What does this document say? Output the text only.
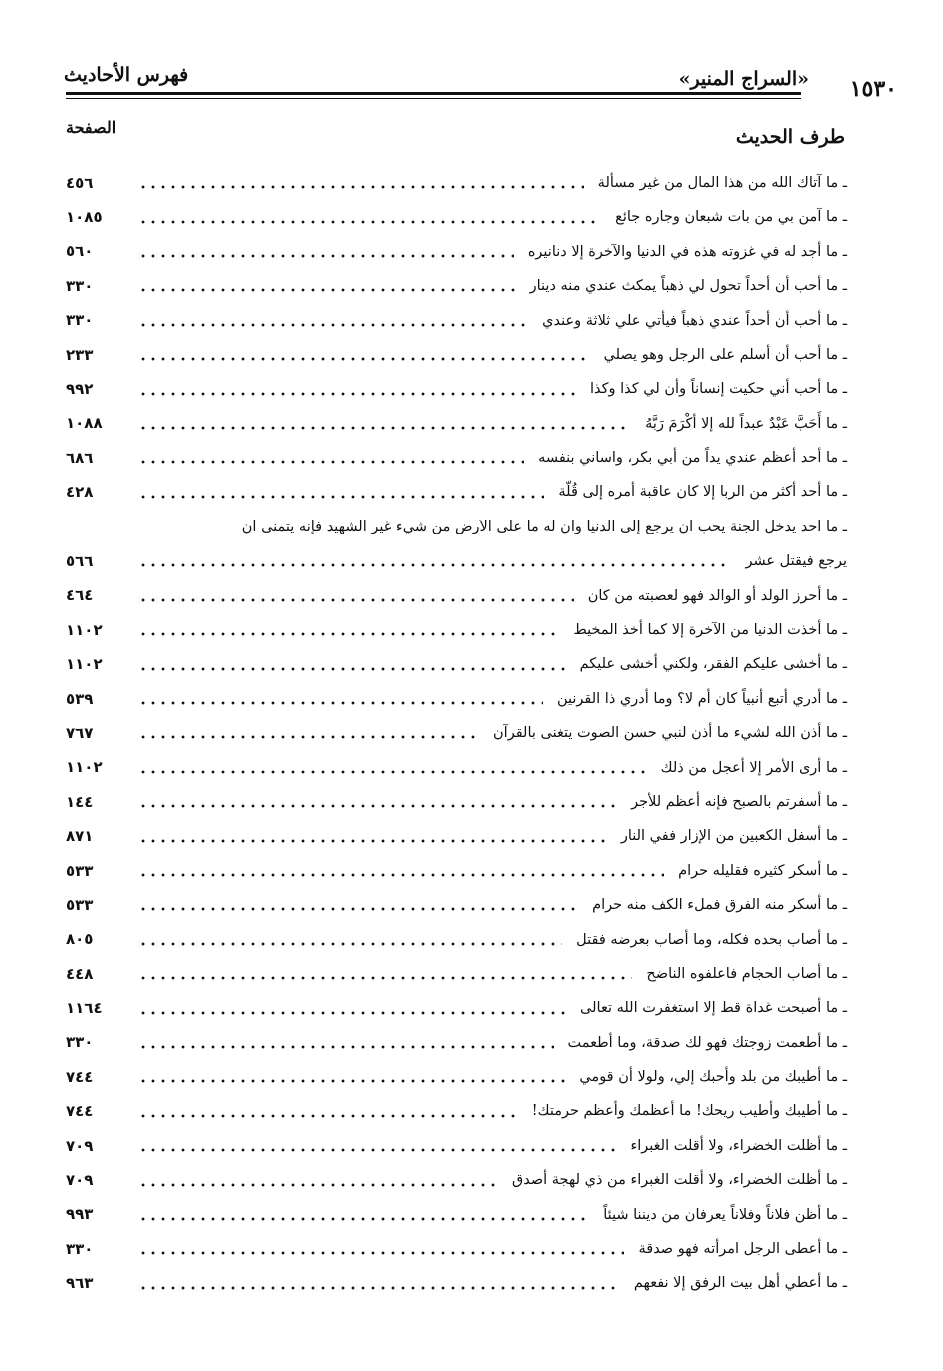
١٥٣٠
«السراج المنير»
فهرس الأحاديث
طرف الحديث
الصفحة
ـ ما آتاك الله من هذا المال من غير مسألة
٤٥٦
ـ ما آمن بي من بات شبعان وجاره جائع
١٠٨٥
ـ ما أجد له في غزوته هذه في الدنيا والآخرة إلا دنانيره
٥٦٠
ـ ما أحب أن أحداً تحول لي ذهباً يمكث عندي منه دينار
٣٣٠
ـ ما أحب أن أحداً عندي ذهباً فيأتي علي ثلاثة وعندي
٣٣٠
ـ ما أحب أن أسلم على الرجل وهو يصلي
٢٣٣
ـ ما أحب أني حكيت إنساناً وأن لي كذا وكذا
٩٩٢
ـ ما أَحَبَّ عَبْدٌ عبداً لله إلا أكْرَمَ رَبَّهُ
١٠٨٨
ـ ما أحد أعظم عندي يداً من أبي بكر، واساني بنفسه
٦٨٦
ـ ما أحد أكثر من الربا إلا كان عاقبة أمره إلى قُلّة
٤٢٨
ـ ما أحد يدخل الجنة يحب أن يرجع إلى الدنيا وأن له ما على الأرض من شيء غير الشهيد فإنه يتمنى أن
يرجع فيقتل عشر
٥٦٦
ـ ما أحرز الولد أو الوالد فهو لعصبته من كان
٤٦٤
ـ ما أخذت الدنيا من الآخرة إلا كما أخذ المخيط
١١٠٢
ـ ما أخشى عليكم الفقر، ولكني أخشى عليكم
١١٠٢
ـ ما أدري أتبع أنبياً كان أم لا؟ وما أدري ذا القرنين
٥٣٩
ـ ما أذن الله لشيء ما أذن لنبي حسن الصوت يتغنى بالقرآن
٧٦٧
ـ ما أرى الأمر إلا أعجل من ذلك
١١٠٢
ـ ما أسفرتم بالصبح فإنه أعظم للأجر
١٤٤
ـ ما أسفل الكعبين من الإزار ففي النار
٨٧١
ـ ما أسكر كثيره فقليله حرام
٥٣٣
ـ ما أسكر منه الفرق فملء الكف منه حرام
٥٣٣
ـ ما أصاب بحده فكله، وما أصاب بعرضه فقتل
٨٠٥
ـ ما أصاب الحجام فاعلفوه الناضح
٤٤٨
ـ ما أصبحت غداة قط إلا استغفرت الله تعالى
١١٦٤
ـ ما أطعمت زوجتك فهو لك صدقة، وما أطعمت
٣٣٠
ـ ما أطيبك من بلد وأحبك إلي، ولولا أن قومي
٧٤٤
ـ ما أطيبك وأطيب ريحك! ما أعظمك وأعظم حرمتك!
٧٤٤
ـ ما أظلت الخضراء، ولا أقلت الغبراء
٧٠٩
ـ ما أظلت الخضراء، ولا أقلت الغبراء من ذي لهجة أصدق
٧٠٩
ـ ما أظن فلاناً وفلاناً يعرفان من ديننا شيئاً
٩٩٣
ـ ما أعطى الرجل امرأته فهو صدقة
٣٣٠
ـ ما أعطي أهل بيت الرفق إلا نفعهم
٩٦٣
